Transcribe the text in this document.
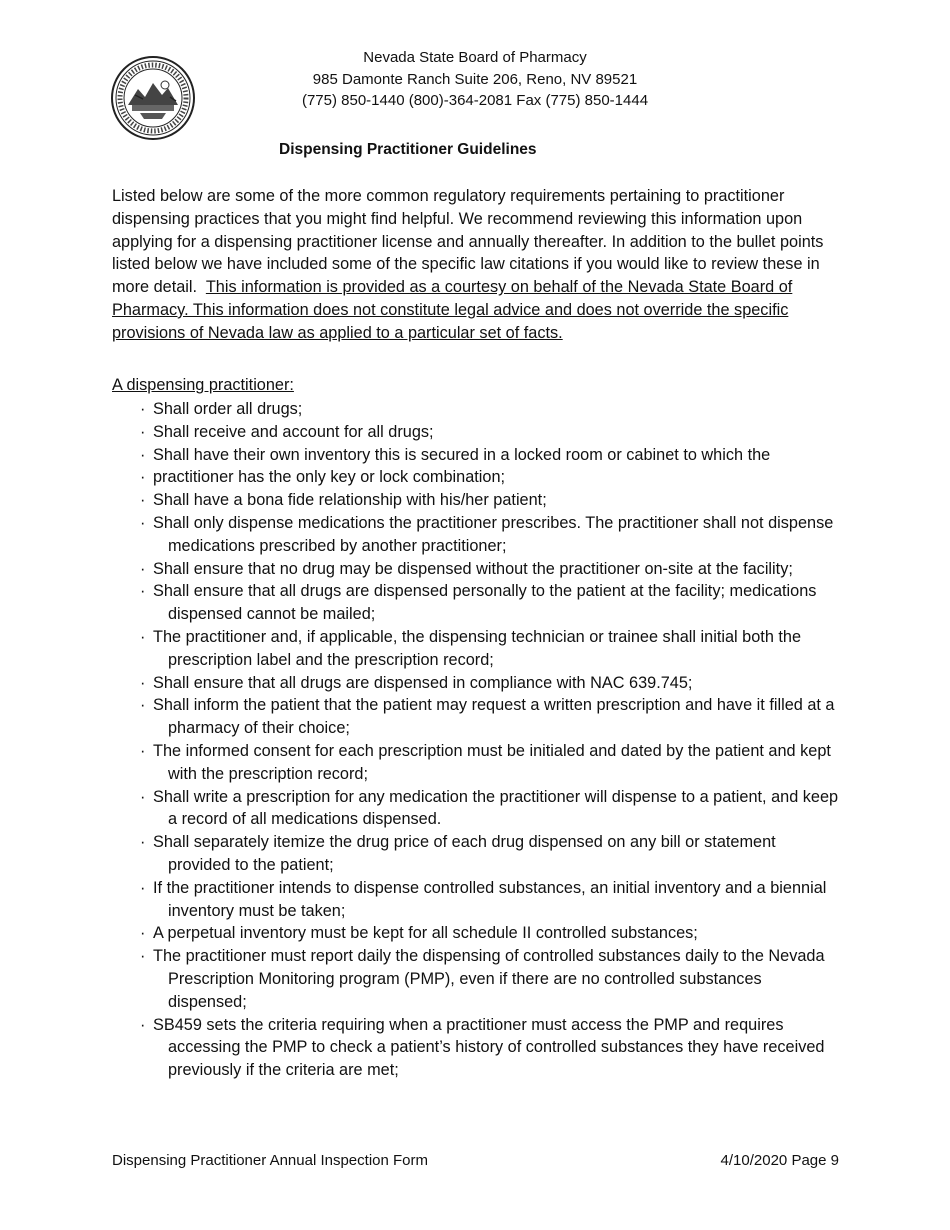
Nevada State Board of Pharmacy
985 Damonte Ranch Suite 206, Reno, NV 89521
(775) 850-1440 (800)-364-2081 Fax (775) 850-1444
Dispensing Practitioner Guidelines
Listed below are some of the more common regulatory requirements pertaining to practitioner dispensing practices that you might find helpful. We recommend reviewing this information upon applying for a dispensing practitioner license and annually thereafter. In addition to the bullet points listed below we have included some of the specific law citations if you would like to review these in more detail. This information is provided as a courtesy on behalf of the Nevada State Board of Pharmacy. This information does not constitute legal advice and does not override the specific provisions of Nevada law as applied to a particular set of facts.
A dispensing practitioner:
· Shall order all drugs;
· Shall receive and account for all drugs;
· Shall have their own inventory this is secured in a locked room or cabinet to which the
· practitioner has the only key or lock combination;
· Shall have a bona fide relationship with his/her patient;
· Shall only dispense medications the practitioner prescribes. The practitioner shall not dispense medications prescribed by another practitioner;
· Shall ensure that no drug may be dispensed without the practitioner on-site at the facility;
· Shall ensure that all drugs are dispensed personally to the patient at the facility; medications dispensed cannot be mailed;
· The practitioner and, if applicable, the dispensing technician or trainee shall initial both the prescription label and the prescription record;
· Shall ensure that all drugs are dispensed in compliance with NAC 639.745;
· Shall inform the patient that the patient may request a written prescription and have it filled at a pharmacy of their choice;
· The informed consent for each prescription must be initialed and dated by the patient and kept with the prescription record;
· Shall write a prescription for any medication the practitioner will dispense to a patient, and keep a record of all medications dispensed.
· Shall separately itemize the drug price of each drug dispensed on any bill or statement provided to the patient;
· If the practitioner intends to dispense controlled substances, an initial inventory and a biennial inventory must be taken;
· A perpetual inventory must be kept for all schedule II controlled substances;
· The practitioner must report daily the dispensing of controlled substances daily to the Nevada Prescription Monitoring program (PMP), even if there are no controlled substances dispensed;
· SB459 sets the criteria requiring when a practitioner must access the PMP and requires accessing the PMP to check a patient’s history of controlled substances they have received previously if the criteria are met;
Dispensing Practitioner Annual Inspection Form	4/10/2020 Page 9
